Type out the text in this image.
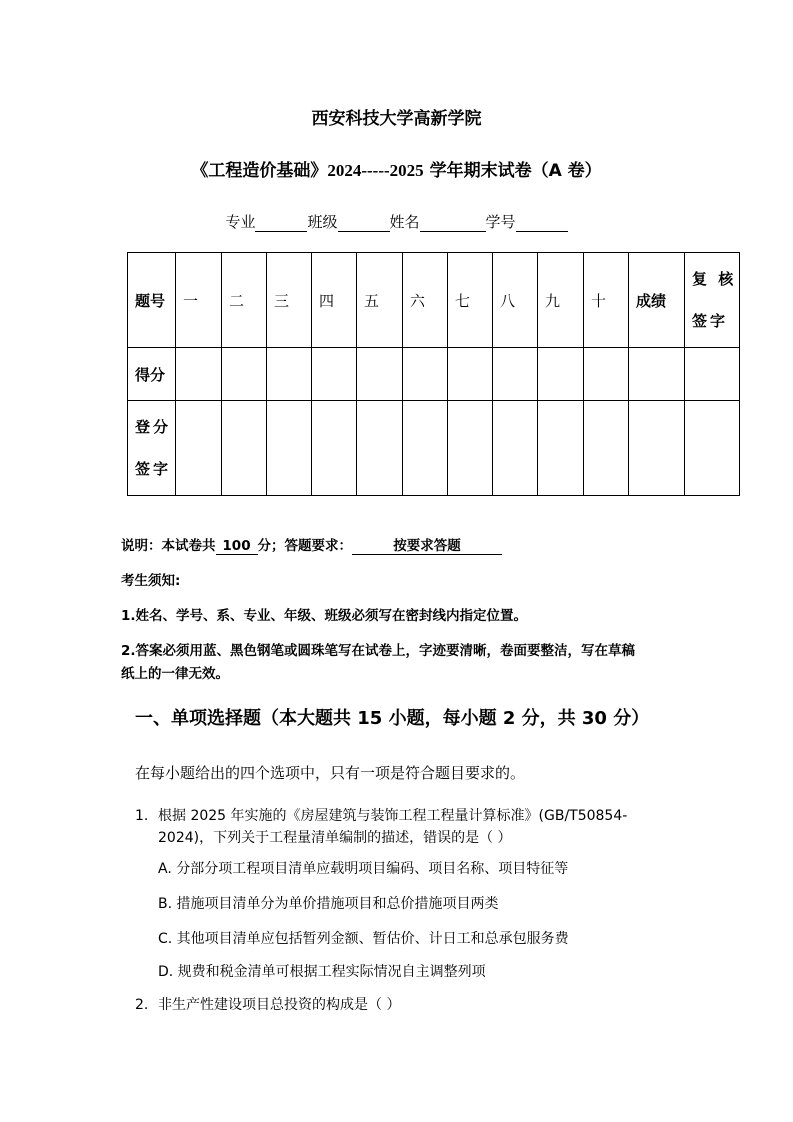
西安科技大学高新学院
《工程造价基础》2024-----2025 学年期末试卷（A 卷）
专业	班级	姓名	学号
题号	一	二	三	四	五	六	七	八	九	十	成绩	复 核
签字

得分												

登分
签字												

说明：本试卷共 100 分；答题要求：	按要求答题
考生须知:
1.姓名、学号、系、专业、年级、班级必须写在密封线内指定位置。
2.答案必须用蓝、黑色钢笔或圆珠笔写在试卷上，字迹要清晰，卷面要整洁，写在草稿
纸上的一律无效。
一、单项选择题（本大题共 15 小题，每小题 2 分，共 30 分）
在每小题给出的四个选项中，只有一项是符合题目要求的。
1. 根据 2025 年实施的《房屋建筑与装饰工程工程量计算标准》(GB/T50854-
2024)，下列关于工程量清单编制的描述，错误的是（ ）
A. 分部分项工程项目清单应载明项目编码、项目名称、项目特征等
B. 措施项目清单分为单价措施项目和总价措施项目两类
C. 其他项目清单应包括暂列金额、暂估价、计日工和总承包服务费
D. 规费和税金清单可根据工程实际情况自主调整列项
2. 非生产性建设项目总投资的构成是（ ）
